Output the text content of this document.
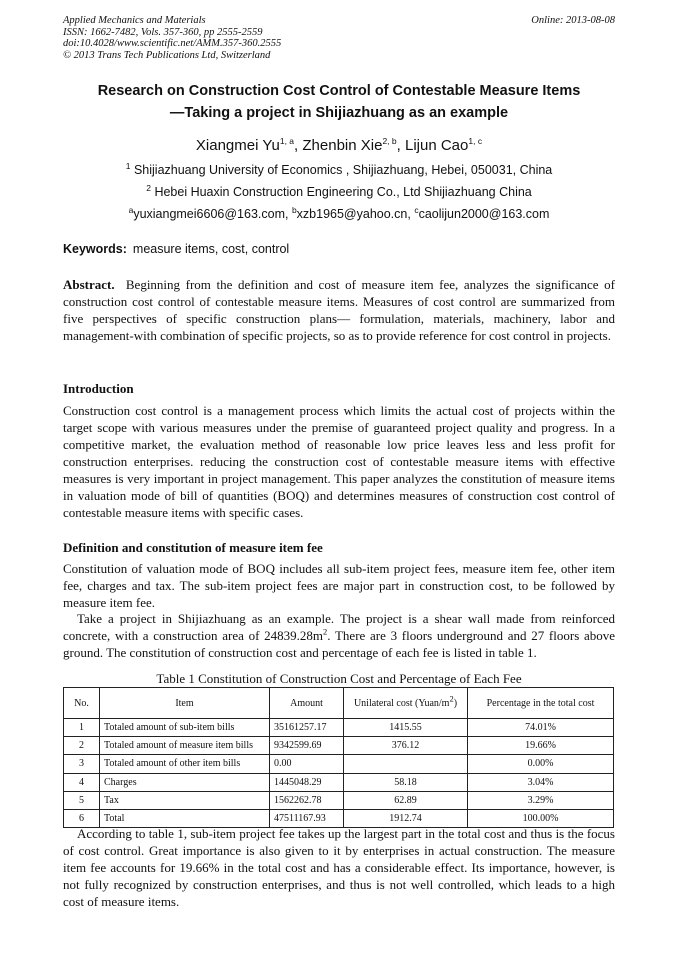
Applied Mechanics and Materials
ISSN: 1662-7482, Vols. 357-360, pp 2555-2559
doi:10.4028/www.scientific.net/AMM.357-360.2555
© 2013 Trans Tech Publications Ltd, Switzerland
Online: 2013-08-08
Research on Construction Cost Control of Contestable Measure Items
—Taking a project in Shijiazhuang as an example
Xiangmei Yu$^{1, a}$, Zhenbin Xie$^{2, b}$, Lijun Cao$^{1, c}$
$^1$ Shijiazhuang University of Economics , Shijiazhuang, Hebei, 050031, China
$^2$ Hebei Huaxin Construction Engineering Co., Ltd Shijiazhuang China
$^a$yuxiangmei6606@163.com, $^b$xzb1965@yahoo.cn, $^c$caolijun2000@163.com
Keywords: measure items, cost, control
Abstract. Beginning from the definition and cost of measure item fee, analyzes the significance of construction cost control of contestable measure items. Measures of cost control are summarized from five perspectives of specific construction plans— formulation, materials, machinery, labor and management-with combination of specific projects, so as to provide reference for cost control in projects.
Introduction
Construction cost control is a management process which limits the actual cost of projects within the target scope with various measures under the premise of guaranteed project quality and progress. In a competitive market, the evaluation method of reasonable low price leaves less and less profit for construction enterprises. reducing the construction cost of contestable measure items with effective measures is very important in project management. This paper analyzes the constitution of measure items in valuation mode of bill of quantities (BOQ) and determines measures of construction cost control of contestable measure items with specific cases.
Definition and constitution of measure item fee
Constitution of valuation mode of BOQ includes all sub-item project fees, measure item fee, other item fee, charges and tax. The sub-item project fees are major part in construction cost, to be followed by measure item fee.
Take a project in Shijiazhuang as an example. The project is a shear wall made from reinforced concrete, with a construction area of $24839.28m^2$. There are 3 floors underground and 27 floors above ground. The constitution of construction cost and percentage of each fee is listed in table 1.
Table 1 Constitution of Construction Cost and Percentage of Each Fee
No.	Item	Amount	Unilateral cost $(Yuan/m^2)$	Percentage in the total cost
1	Totaled amount of sub-item bills	35161257.17	1415.55	74.01%
2	Totaled amount of measure item bills	9342599.69	376.12	19.66%
3	Totaled amount of other item bills	0.00		0.00%
4	Charges	1445048.29	58.18	3.04%
5	Tax	1562262.78	62.89	3.29%
6	Total	47511167.93	1912.74	100.00%
According to table 1, sub-item project fee takes up the largest part in the total cost and thus is the focus of cost control. Great importance is also given to it by enterprises in actual construction. The measure item fee accounts for 19.66% in the total cost and has a considerable effect. Its importance, however, is not fully recognized by construction enterprises, and thus is not well controlled, which leads to a high cost of measure items.
